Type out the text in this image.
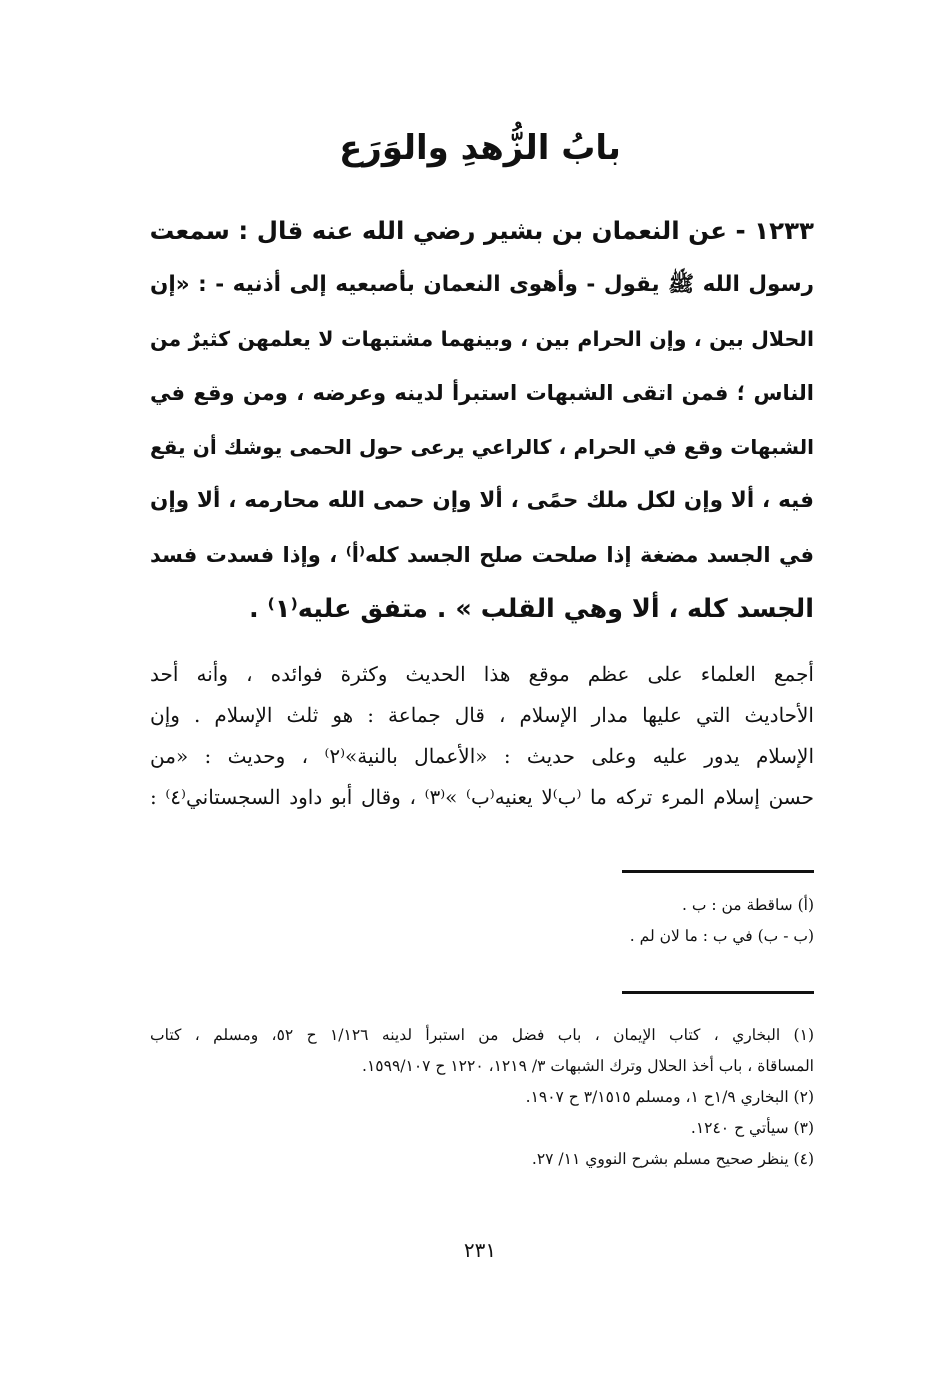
بابُ الزُّهدِ والوَرَع
١٢٣٣ - عن النعمان بن بشير رضي الله عنه قال : سمعت
رسول الله ﷺ يقول - وأهوى النعمان بأصبعيه إلى أذنيه - : «إن
الحلال بين ، وإن الحرام بين ، وبينهما مشتبهات لا يعلمهن كثيرٌ من
الناس ؛ فمن اتقى الشبهات استبرأ لدينه وعرضه ، ومن وقع في
الشبهات وقع في الحرام ، كالراعي يرعى حول الحمى يوشك أن يقع
فيه ، ألا وإن لكل ملك حمًى ، ألا وإن حمى الله محارمه ، ألا وإن
في الجسد مضغة إذا صلحت صلح الجسد كله⁽أ⁾ ، وإذا فسدت فسد
الجسد كله ، ألا وهي القلب » . متفق عليه⁽١⁾ .
أجمع العلماء على عظم موقع هذا الحديث وكثرة فوائده ، وأنه أحد
الأحاديث التي عليها مدار الإسلام ، قال جماعة : هو ثلث الإسلام . وإن
الإسلام يدور عليه وعلى حديث : «الأعمال بالنية»⁽٢⁾ ، وحديث : «من
حسن إسلام المرء تركه ما ⁽ب⁾لا يعنيه⁽ب⁾ »⁽٣⁾ ، وقال أبو داود السجستاني⁽٤⁾ :
(أ) ساقطة من : ب .
(ب - ب) في ب : ما لان لم .
(١) البخاري ، كتاب الإيمان ، باب فضل من استبرأ لدينه ١/١٢٦ ح ٥٢، ومسلم ، كتاب
المساقاة ، باب أخذ الحلال وترك الشبهات ٣/ ١٢١٩، ١٢٢٠ ح ١٥٩٩/١٠٧.
(٢) البخاري ١/٩ح ١، ومسلم ٣/١٥١٥ ح ١٩٠٧.
(٣) سيأتي ح ١٢٤٠.
(٤) ينظر صحيح مسلم بشرح النووي ١١/ ٢٧.
٢٣١
